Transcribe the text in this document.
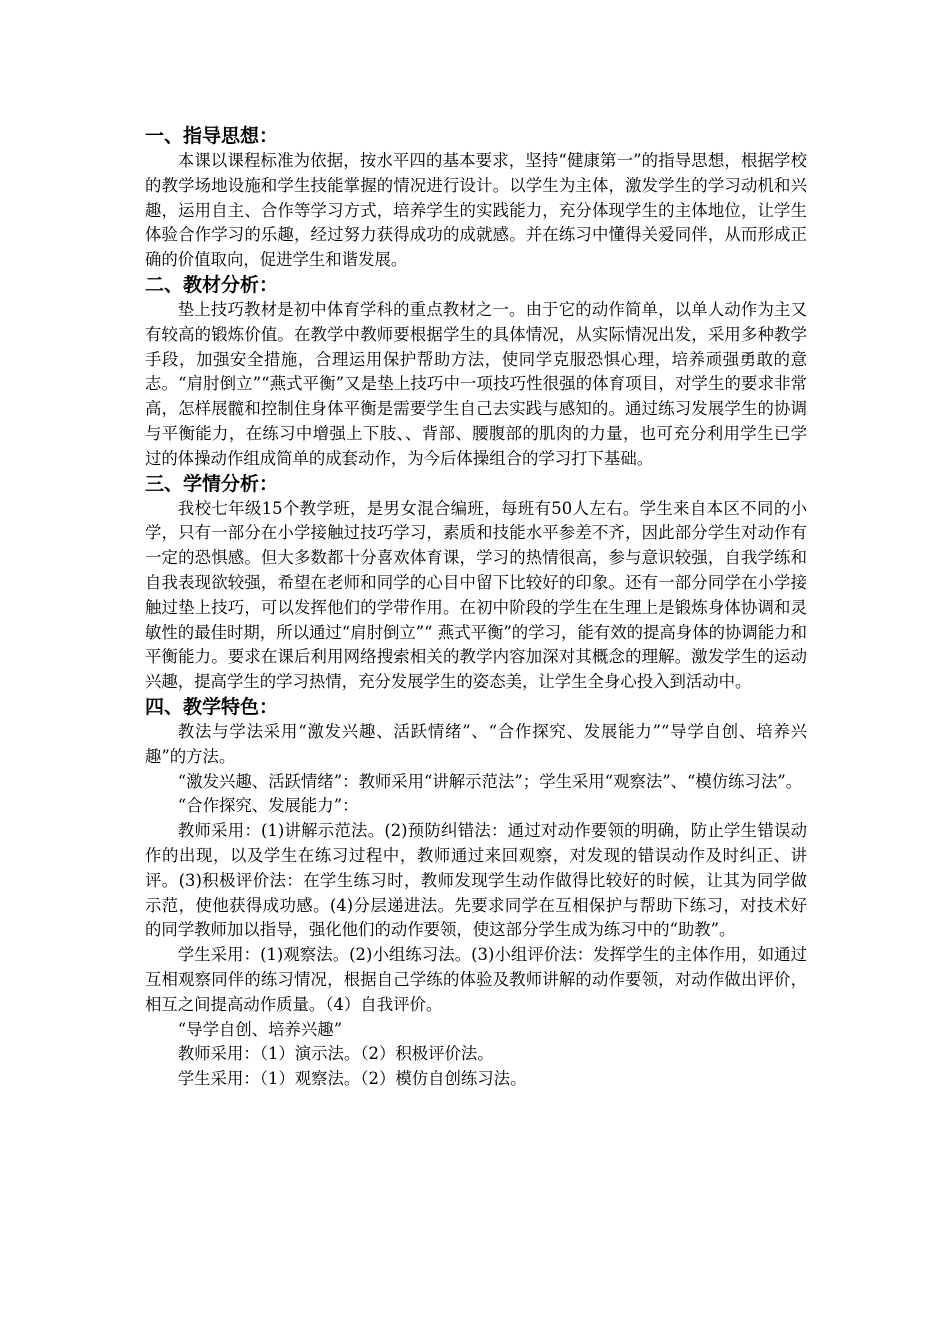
一、指导思想：

本课以课程标准为依据，按水平四的基本要求，坚持“健康第一”的指导思想，根据学校的教学场地设施和学生技能掌握的情况进行设计。以学生为主体，激发学生的学习动机和兴趣，运用自主、合作等学习方式，培养学生的实践能力，充分体现学生的主体地位，让学生体验合作学习的乐趣，经过努力获得成功的成就感。并在练习中懂得关爱同伴，从而形成正确的价值取向，促进学生和谐发展。

二、教材分析：

垫上技巧教材是初中体育学科的重点教材之一。由于它的动作简单，以单人动作为主又有较高的锻炼价值。在教学中教师要根据学生的具体情况，从实际情况出发，采用多种教学手段，加强安全措施，合理运用保护帮助方法，使同学克服恐惧心理，培养顽强勇敢的意志。“肩肘倒立”“燕式平衡”又是垫上技巧中一项技巧性很强的体育项目，对学生的要求非常高，怎样展髋和控制住身体平衡是需要学生自己去实践与感知的。通过练习发展学生的协调与平衡能力，在练习中增强上下肢、、背部、腰腹部的肌肉的力量，也可充分利用学生已学过的体操动作组成简单的成套动作，为今后体操组合的学习打下基础。

三、学情分析：

我校七年级15个教学班，是男女混合编班，每班有50人左右。学生来自本区不同的小学，只有一部分在小学接触过技巧学习，素质和技能水平参差不齐，因此部分学生对动作有一定的恐惧感。但大多数都十分喜欢体育课，学习的热情很高，参与意识较强，自我学练和自我表现欲较强，希望在老师和同学的心目中留下比较好的印象。还有一部分同学在小学接触过垫上技巧，可以发挥他们的学带作用。在初中阶段的学生在生理上是锻炼身体协调和灵敏性的最佳时期，所以通过“肩肘倒立”“ 燕式平衡”的学习，能有效的提高身体的协调能力和平衡能力。要求在课后利用网络搜索相关的教学内容加深对其概念的理解。激发学生的运动兴趣，提高学生的学习热情，充分发展学生的姿态美，让学生全身心投入到活动中。

四、教学特色：

教法与学法采用“激发兴趣、活跃情绪”、“合作探究、发展能力”“导学自创、培养兴趣”的方法。

“激发兴趣、活跃情绪”：教师采用“讲解示范法”；学生采用“观察法”、“模仿练习法”。

“合作探究、发展能力”：

教师采用：(1)讲解示范法。(2)预防纠错法：通过对动作要领的明确，防止学生错误动作的出现，以及学生在练习过程中，教师通过来回观察，对发现的错误动作及时纠正、讲评。(3)积极评价法：在学生练习时，教师发现学生动作做得比较好的时候，让其为同学做示范，使他获得成功感。(4)分层递进法。先要求同学在互相保护与帮助下练习，对技术好的同学教师加以指导，强化他们的动作要领，使这部分学生成为练习中的“助教”。

学生采用：(1)观察法。(2)小组练习法。(3)小组评价法：发挥学生的主体作用，如通过互相观察同伴的练习情况，根据自己学练的体验及教师讲解的动作要领，对动作做出评价，相互之间提高动作质量。（4）自我评价。

“导学自创、培养兴趣”

教师采用：（1）演示法。（2）积极评价法。

学生采用：（1）观察法。（2）模仿自创练习法。
